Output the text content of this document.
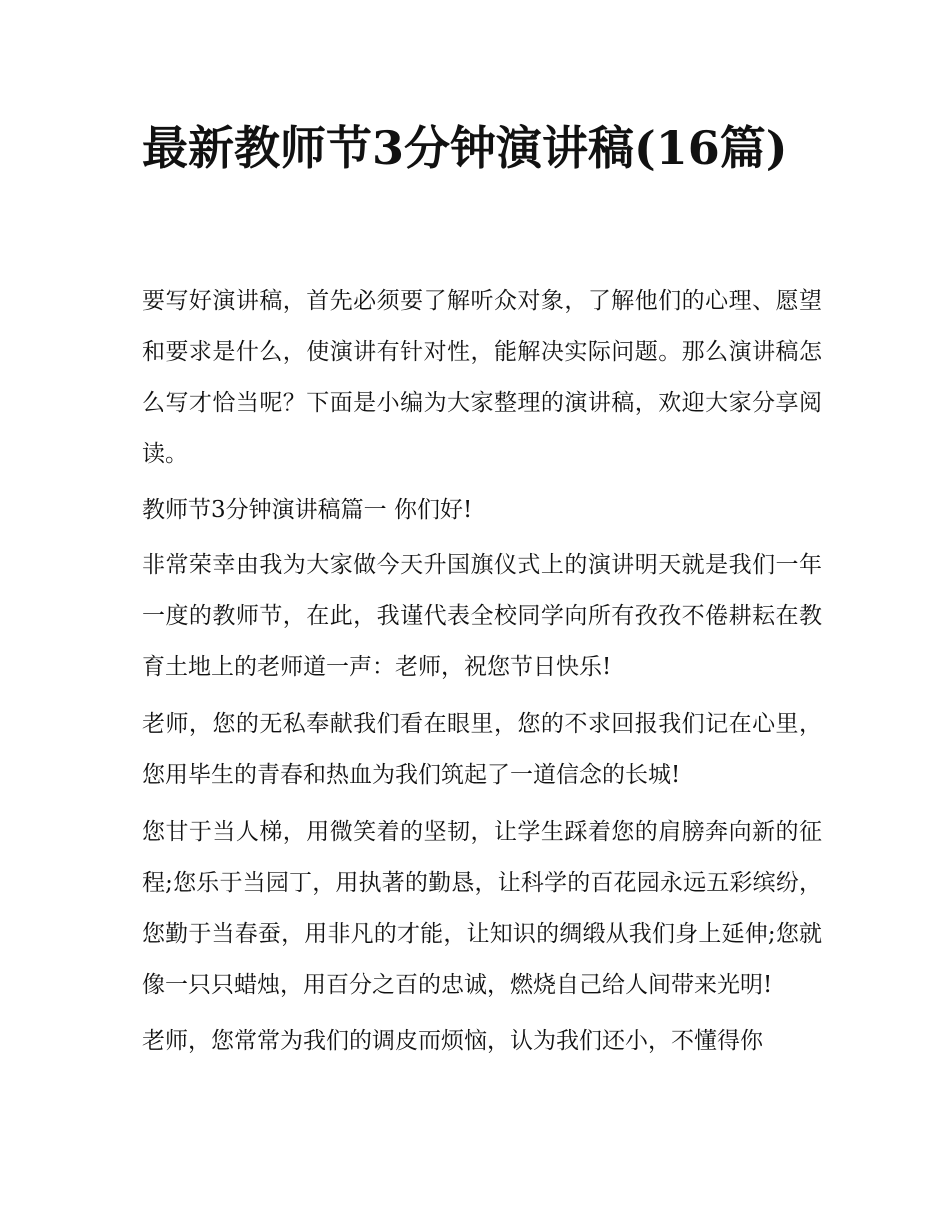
最新教师节3分钟演讲稿(16篇)

要写好演讲稿，首先必须要了解听众对象，了解他们的心理、愿望和要求是什么，使演讲有针对性，能解决实际问题。那么演讲稿怎么写才恰当呢？下面是小编为大家整理的演讲稿，欢迎大家分享阅读。

教师节3分钟演讲稿篇一 你们好!

非常荣幸由我为大家做今天升国旗仪式上的演讲明天就是我们一年一度的教师节，在此，我谨代表全校同学向所有孜孜不倦耕耘在教育土地上的老师道一声：老师，祝您节日快乐!

老师，您的无私奉献我们看在眼里，您的不求回报我们记在心里，您用毕生的青春和热血为我们筑起了一道信念的长城!

您甘于当人梯，用微笑着的坚韧，让学生踩着您的肩膀奔向新的征程;您乐于当园丁，用执著的勤恳，让科学的百花园永远五彩缤纷，您勤于当春蚕，用非凡的才能，让知识的绸缎从我们身上延伸;您就像一只只蜡烛，用百分之百的忠诚，燃烧自己给人间带来光明!

老师，您常常为我们的调皮而烦恼，认为我们还小，不懂得你
